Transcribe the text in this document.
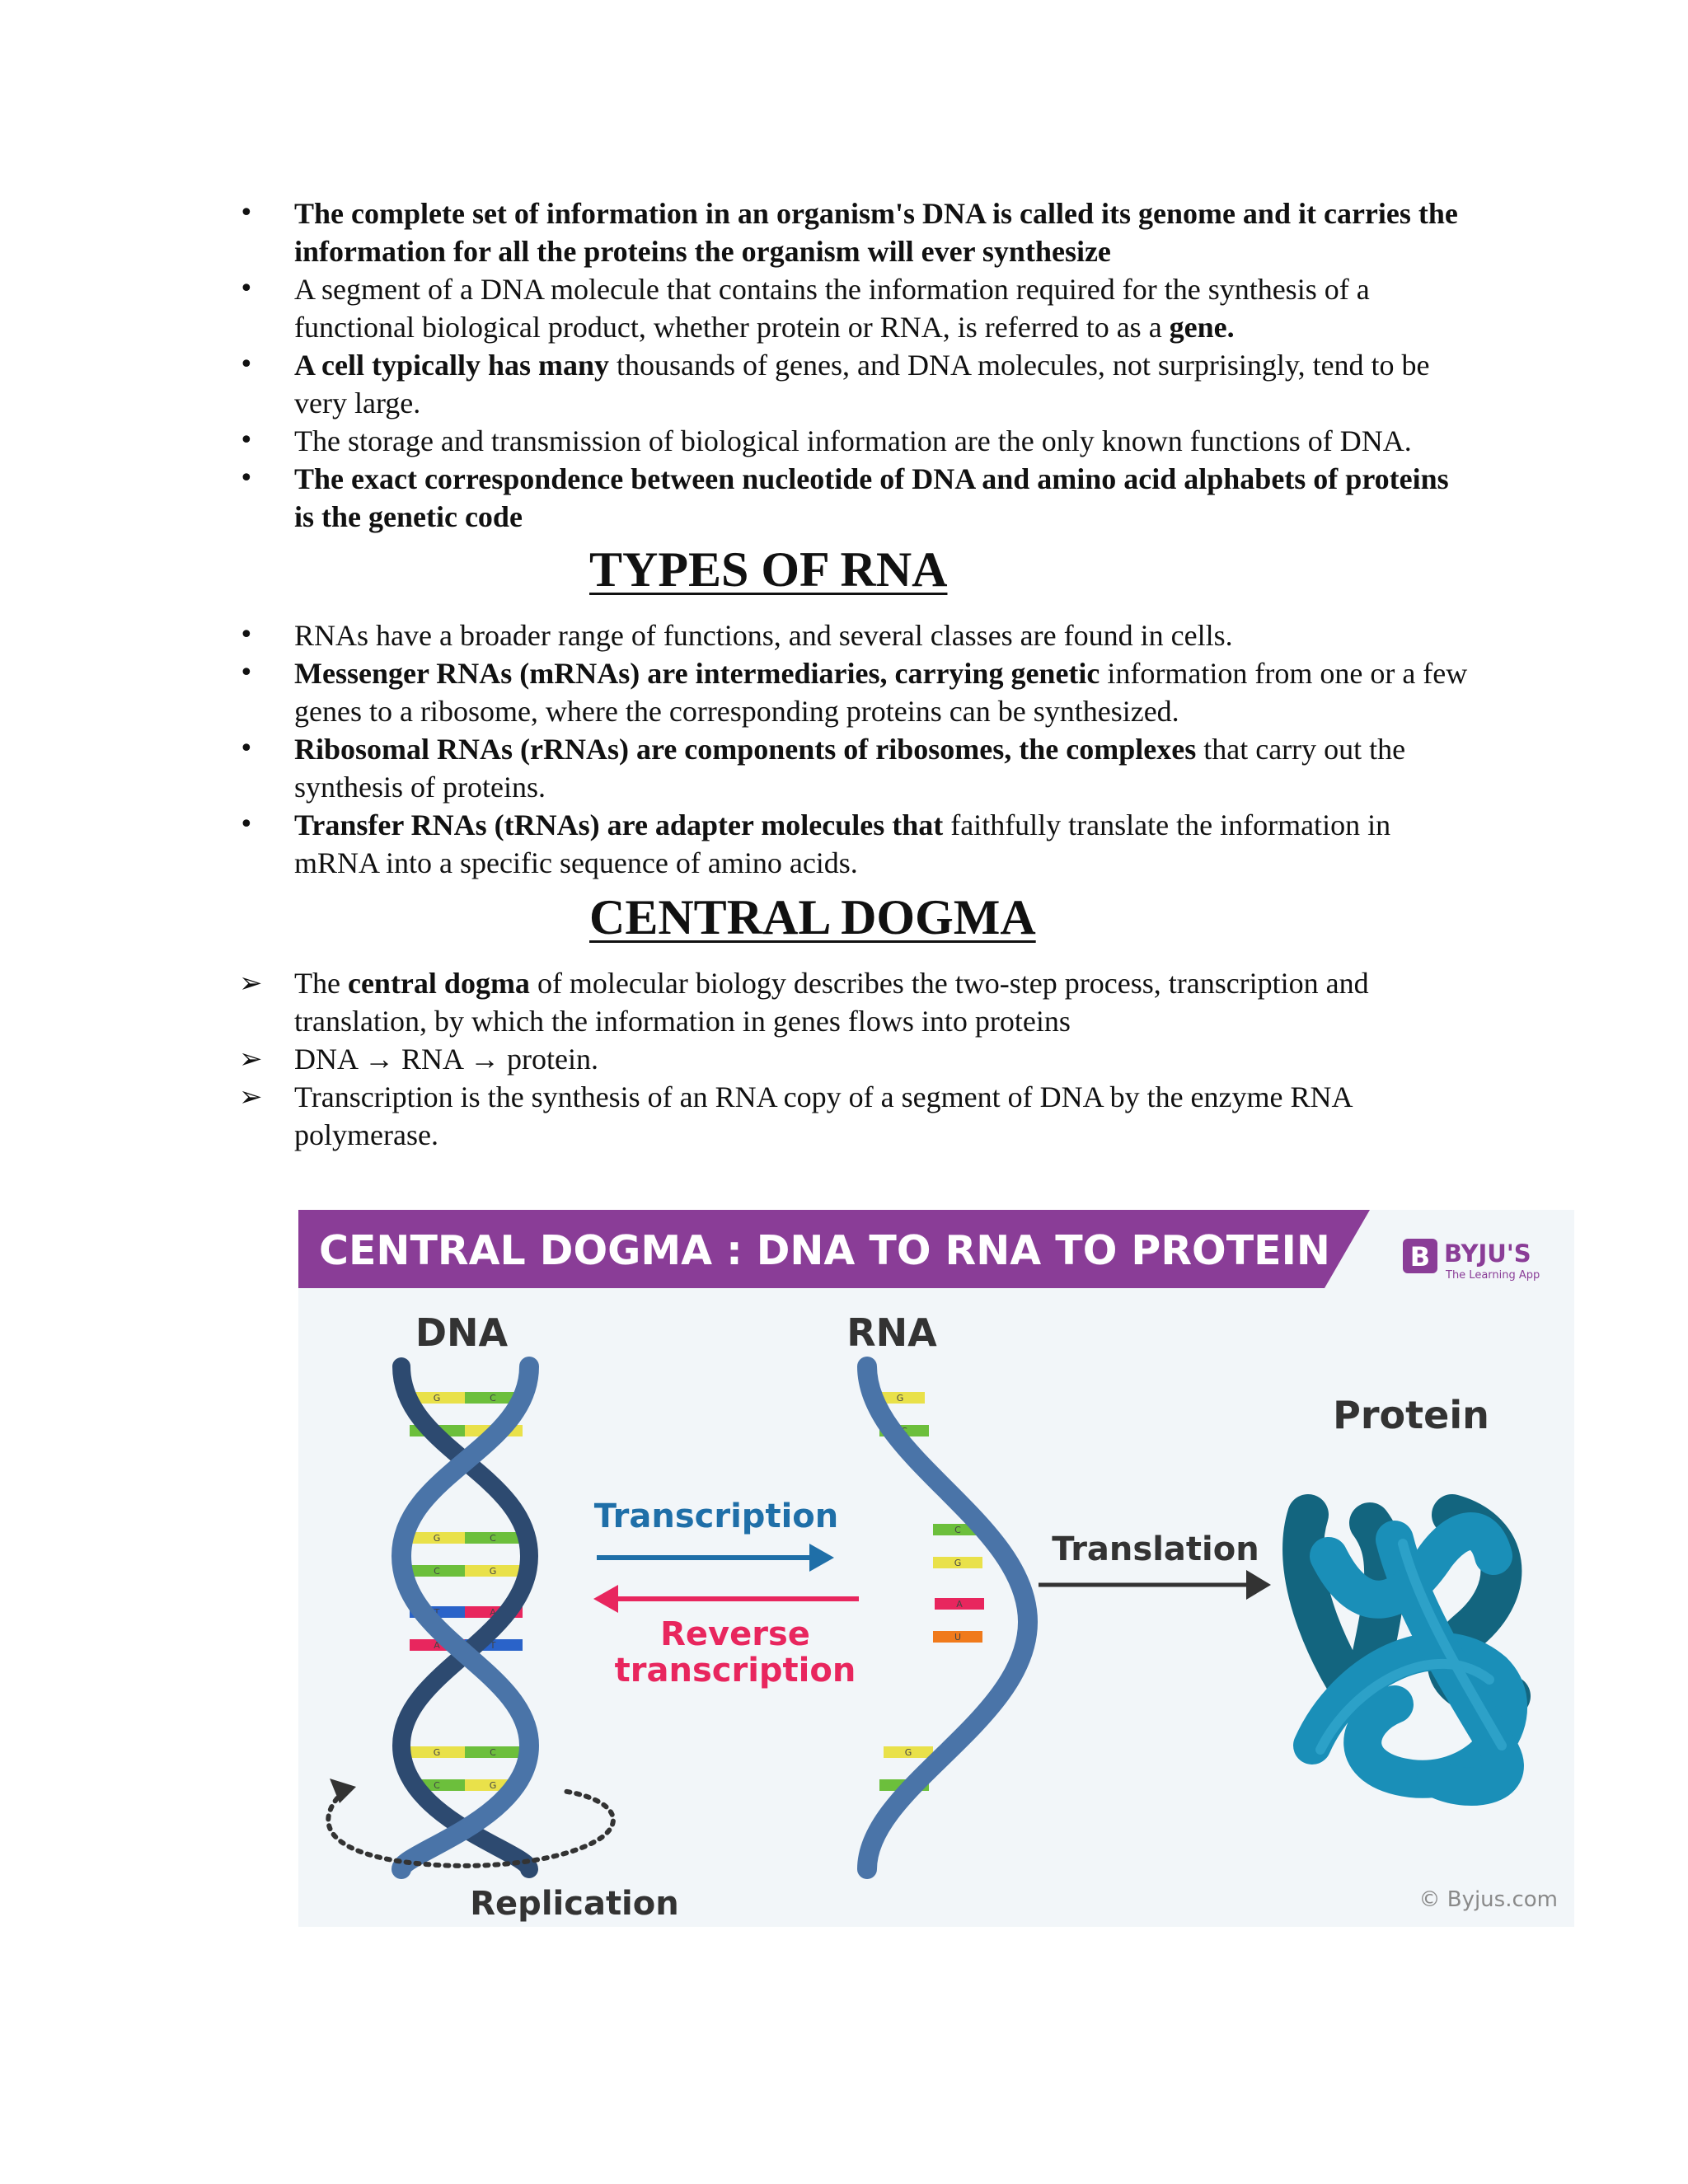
•	The complete set of information in an organism's DNA is called its genome and it carries the information for all the proteins the organism will ever synthesize
•	A segment of a DNA molecule that contains the information required for the synthesis of a functional biological product, whether protein or RNA, is referred to as a gene.
•	A cell typically has many thousands of genes, and DNA molecules, not surprisingly, tend to be very large.
•	The storage and transmission of biological information are the only known functions of DNA.
•	The exact correspondence between nucleotide of DNA and amino acid alphabets of proteins is the genetic code
TYPES OF RNA
•	RNAs have a broader range of functions, and several classes are found in cells.
•	Messenger RNAs (mRNAs) are intermediaries, carrying genetic information from one or a few genes to a ribosome, where the corresponding proteins can be synthesized.
•	Ribosomal RNAs (rRNAs) are components of ribosomes, the complexes that carry out the synthesis of proteins.
•	Transfer RNAs (tRNAs) are adapter molecules that faithfully translate the information in mRNA into a specific sequence of amino acids.
CENTRAL DOGMA
➢	The central dogma of molecular biology describes the two-step process, transcription and translation, by which the information in genes flows into proteins
➢	DNA → RNA → protein.
➢	Transcription is the synthesis of an RNA copy of a segment of DNA by the enzyme RNA polymerase.
CENTRAL DOGMA : DNA TO RNA TO PROTEIN	B BYJU'S
The Learning App
DNA	RNA
Protein
G	C
C	G
G	C
C	G
T	A
A	T
G	C
C	G
G
C
C
G
A
U
G
C
Transcription
Reverse
transcription
Translation
Replication	© Byjus.com
